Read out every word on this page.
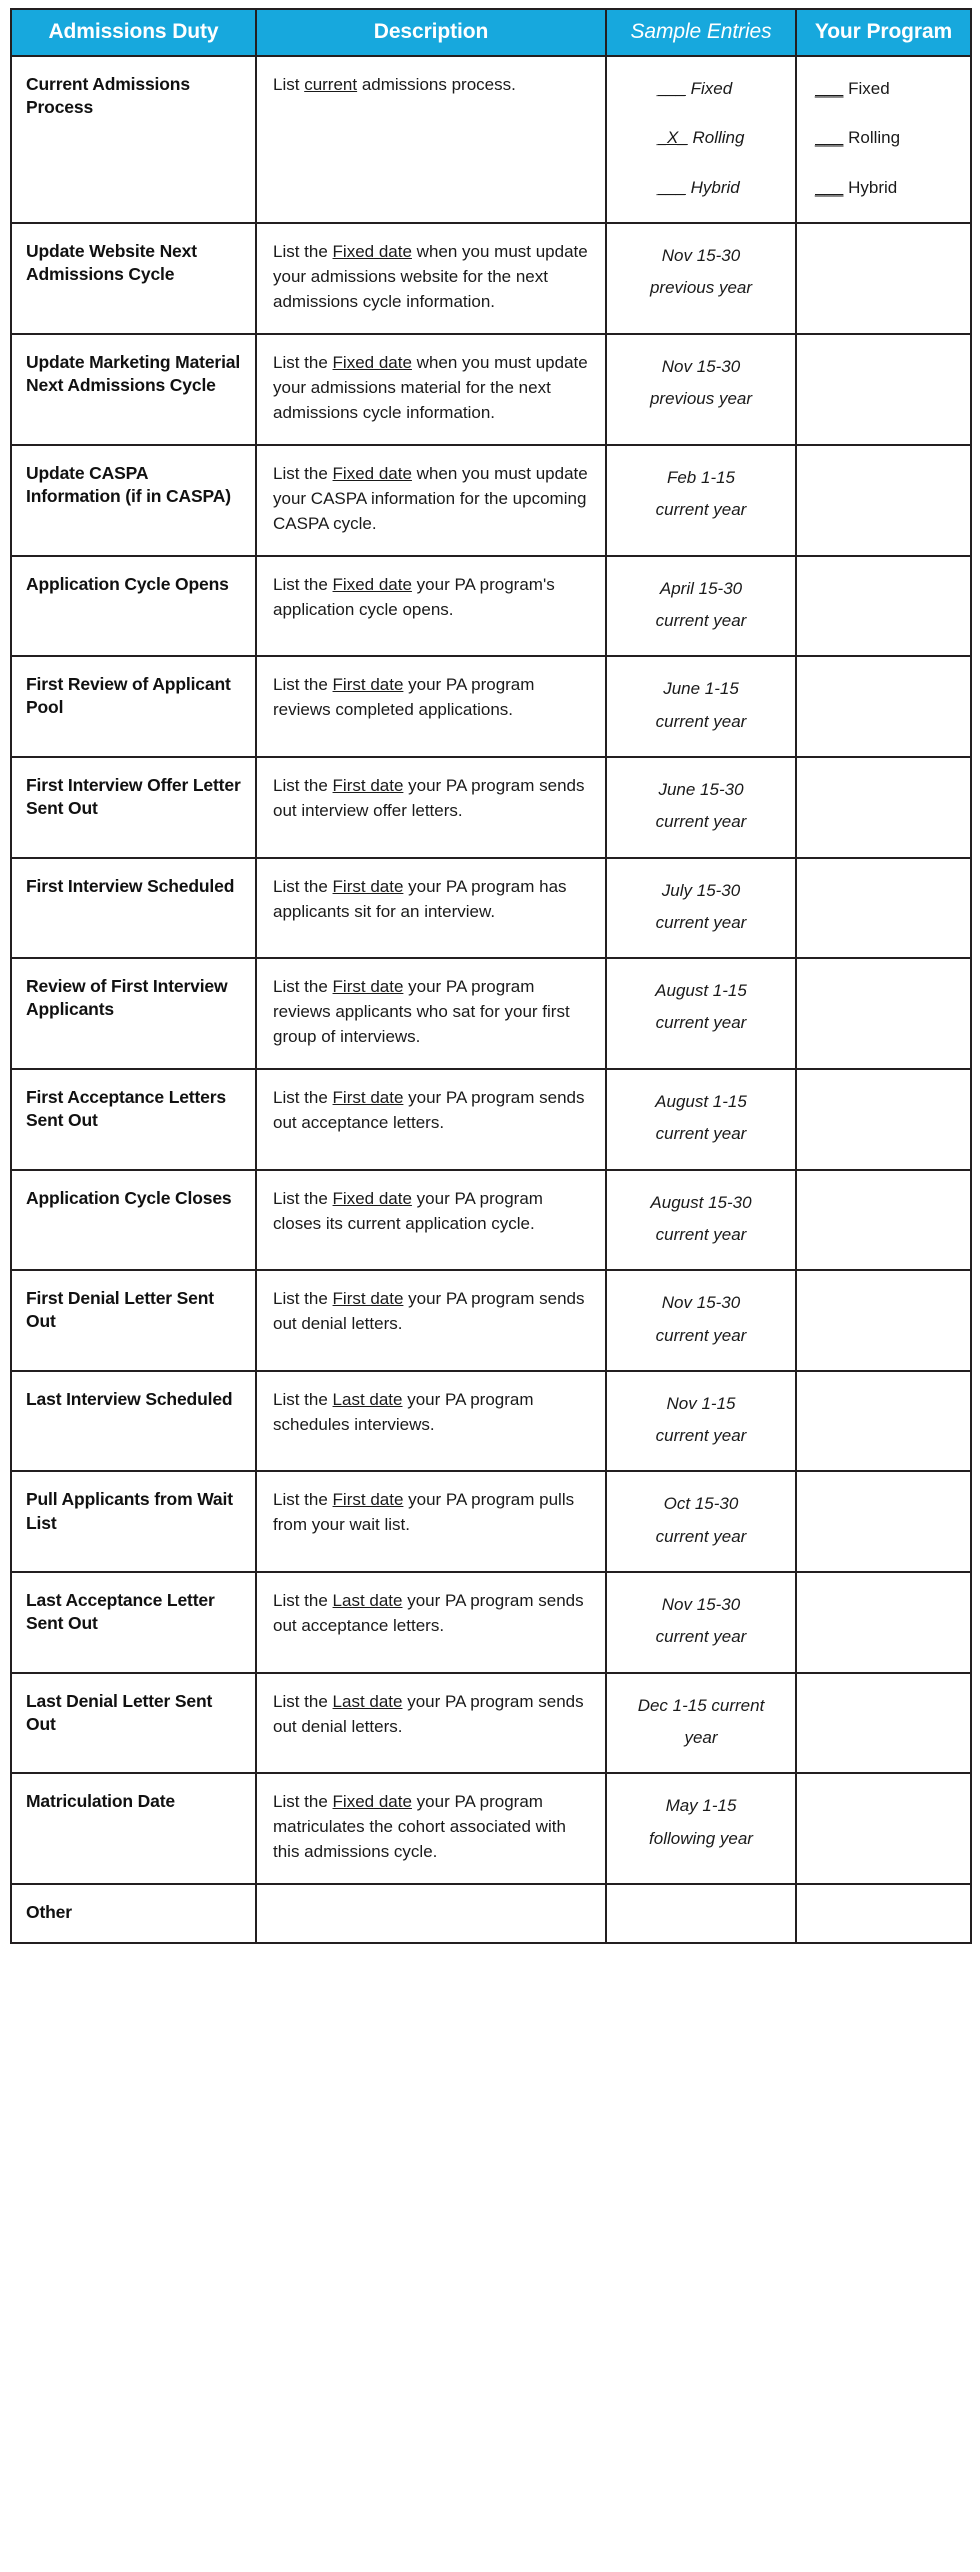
Admissions Duty	Description	Sample Entries	Your Program
Current Admissions Process	List current admissions process.	___ Fixed
_X_ Rolling
___ Hybrid	___ Fixed
___ Rolling
___ Hybrid

Update Website Next Admissions Cycle	List the Fixed date when you must update your admissions website for the next admissions cycle information.	Nov 15-30
previous year	

Update Marketing Material Next Admissions Cycle	List the Fixed date when you must update your admissions material for the next admissions cycle information.	Nov 15-30
previous year	

Update CASPA Information (if in CASPA)	List the Fixed date when you must update your CASPA information for the upcoming CASPA cycle.	Feb 1-15
current year	

Application Cycle Opens	List the Fixed date your PA program's application cycle opens.	April 15-30
current year	

First Review of Applicant Pool	List the First date your PA program reviews completed applications.	June 1-15
current year	

First Interview Offer Letter Sent Out	List the First date your PA program sends out interview offer letters.	June 15-30
current year	

First Interview Scheduled	List the First date your PA program has applicants sit for an interview.	July 15-30
current year	

Review of First Interview Applicants	List the First date your PA program reviews applicants who sat for your first group of interviews.	August 1-15
current year	

First Acceptance Letters Sent Out	List the First date your PA program sends out acceptance letters.	August 1-15
current year	

Application Cycle Closes	List the Fixed date your PA program closes its current application cycle.	August 15-30
current year	

First Denial Letter Sent Out	List the First date your PA program sends out denial letters.	Nov 15-30
current year	

Last Interview Scheduled	List the Last date your PA program schedules interviews.	Nov 1-15
current year	

Pull Applicants from Wait List	List the First date your PA program pulls from your wait list.	Oct 15-30
current year	

Last Acceptance Letter Sent Out	List the Last date your PA program sends out acceptance letters.	Nov 15-30
current year	

Last Denial Letter Sent Out	List the Last date your PA program sends out denial letters.	Dec 1-15 current
year	

Matriculation Date	List the Fixed date your PA program matriculates the cohort associated with this admissions cycle.	May 1-15
following year	

Other			
